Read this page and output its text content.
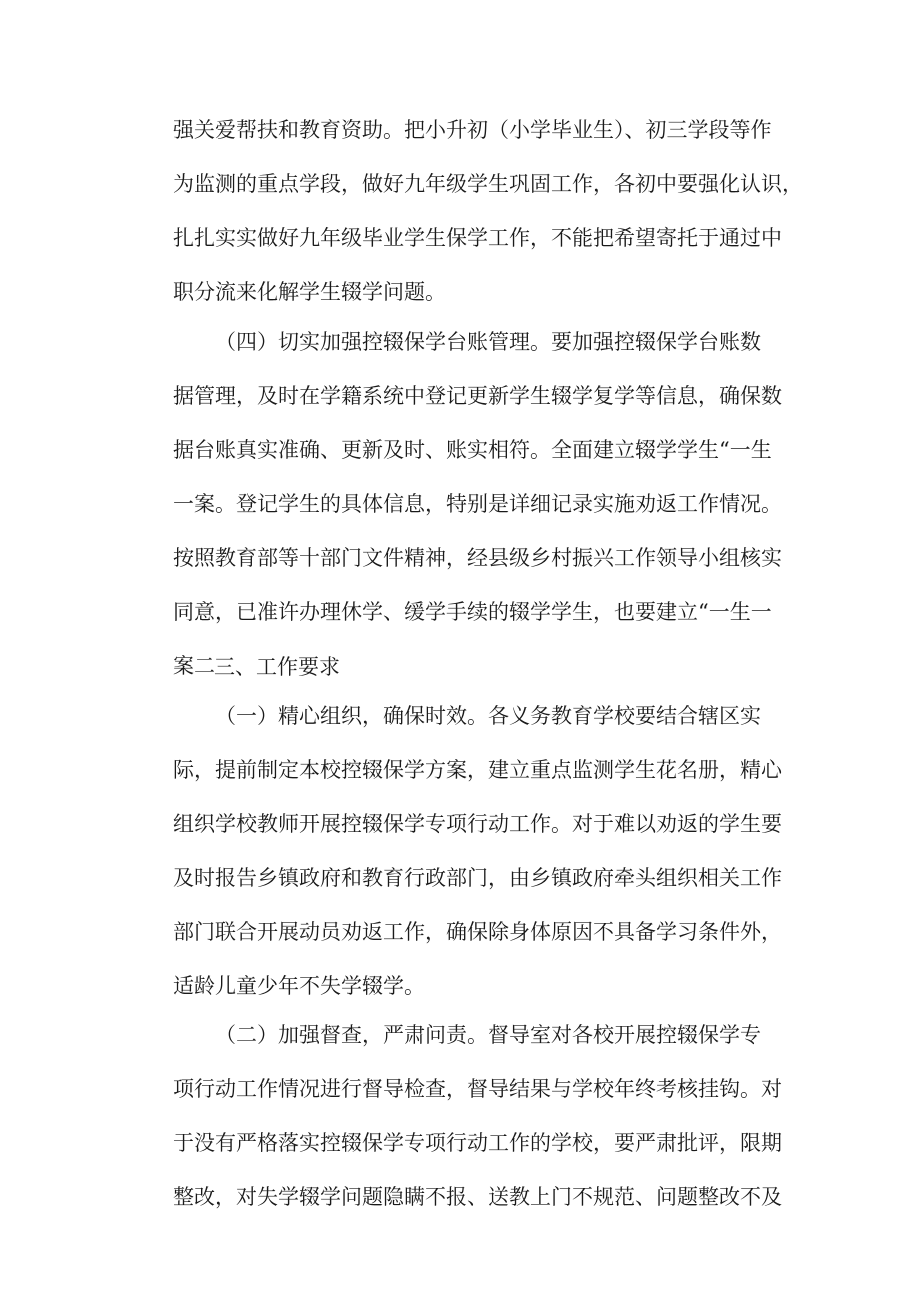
强关爱帮扶和教育资助。把小升初（小学毕业生）、初三学段等作
为监测的重点学段，做好九年级学生巩固工作，各初中要强化认识，
扎扎实实做好九年级毕业学生保学工作，不能把希望寄托于通过中
职分流来化解学生辍学问题。
（四）切实加强控辍保学台账管理。要加强控辍保学台账数
据管理，及时在学籍系统中登记更新学生辍学复学等信息，确保数
据台账真实准确、更新及时、账实相符。全面建立辍学学生“一生
一案。登记学生的具体信息，特别是详细记录实施劝返工作情况。
按照教育部等十部门文件精神，经县级乡村振兴工作领导小组核实
同意，已准许办理休学、缓学手续的辍学学生，也要建立“一生一
案二 三、工作要求
（一）精心组织，确保时效。各义务教育学校要结合辖区实
际，提前制定本校控辍保学方案，建立重点监测学生花名册，精心
组织学校教师开展控辍保学专项行动工作。对于难以劝返的学生要
及时报告乡镇政府和教育行政部门，由乡镇政府牵头组织相关工作
部门联合开展动员劝返工作，确保除身体原因不具备学习条件外，
适龄儿童少年不失学辍学。
（二）加强督查，严肃问责。督导室对各校开展控辍保学专
项行动工作情况进行督导检查，督导结果与学校年终考核挂钩。对
于没有严格落实控辍保学专项行动工作的学校，要严肃批评，限期
整改，对失学辍学问题隐瞒不报、送教上门不规范、问题整改不及
